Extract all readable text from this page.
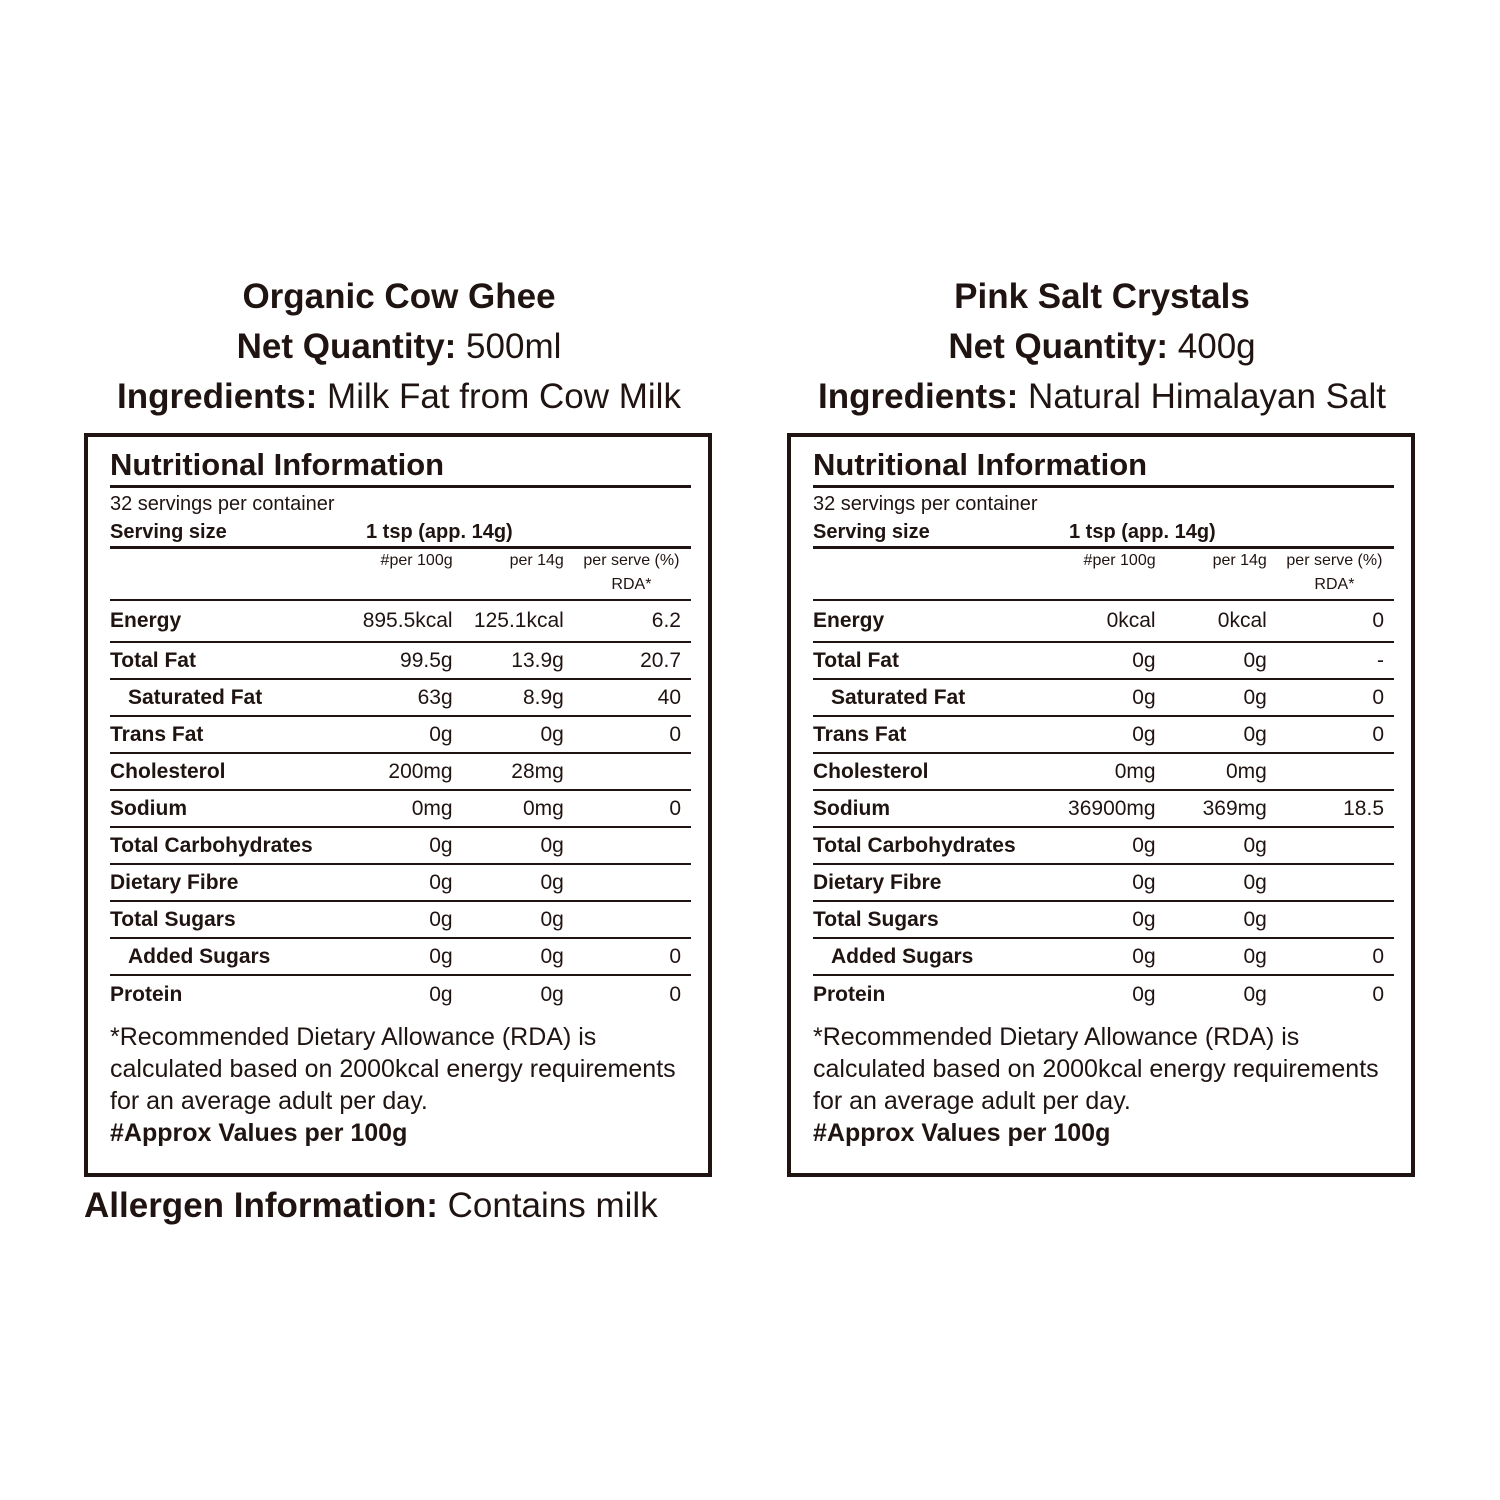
Organic Cow Ghee
Net Quantity: 500ml
Ingredients: Milk Fat from Cow Milk
Nutritional Information
32 servings per container
Serving size	1 tsp (app. 14g)
#per 100g	per 14g	per serve (%) RDA*
Energy	895.5kcal	125.1kcal	6.2
Total Fat	99.5g	13.9g	20.7
Saturated Fat	63g	8.9g	40
Trans Fat	0g	0g	0
Cholesterol	200mg	28mg
Sodium	0mg	0mg	0
Total Carbohydrates	0g	0g
Dietary Fibre	0g	0g
Total Sugars	0g	0g
Added Sugars	0g	0g	0
Protein	0g	0g	0
*Recommended Dietary Allowance (RDA) is calculated based on 2000kcal energy requirements for an average adult per day.
#Approx Values per 100g
Allergen Information: Contains milk
Pink Salt Crystals
Net Quantity: 400g
Ingredients: Natural Himalayan Salt
Nutritional Information
32 servings per container
Serving size	1 tsp (app. 14g)
#per 100g	per 14g	per serve (%) RDA*
Energy	0kcal	0kcal	0
Total Fat	0g	0g	-
Saturated Fat	0g	0g	0
Trans Fat	0g	0g	0
Cholesterol	0mg	0mg
Sodium	36900mg	369mg	18.5
Total Carbohydrates	0g	0g
Dietary Fibre	0g	0g
Total Sugars	0g	0g
Added Sugars	0g	0g	0
Protein	0g	0g	0
*Recommended Dietary Allowance (RDA) is calculated based on 2000kcal energy requirements for an average adult per day.
#Approx Values per 100g
